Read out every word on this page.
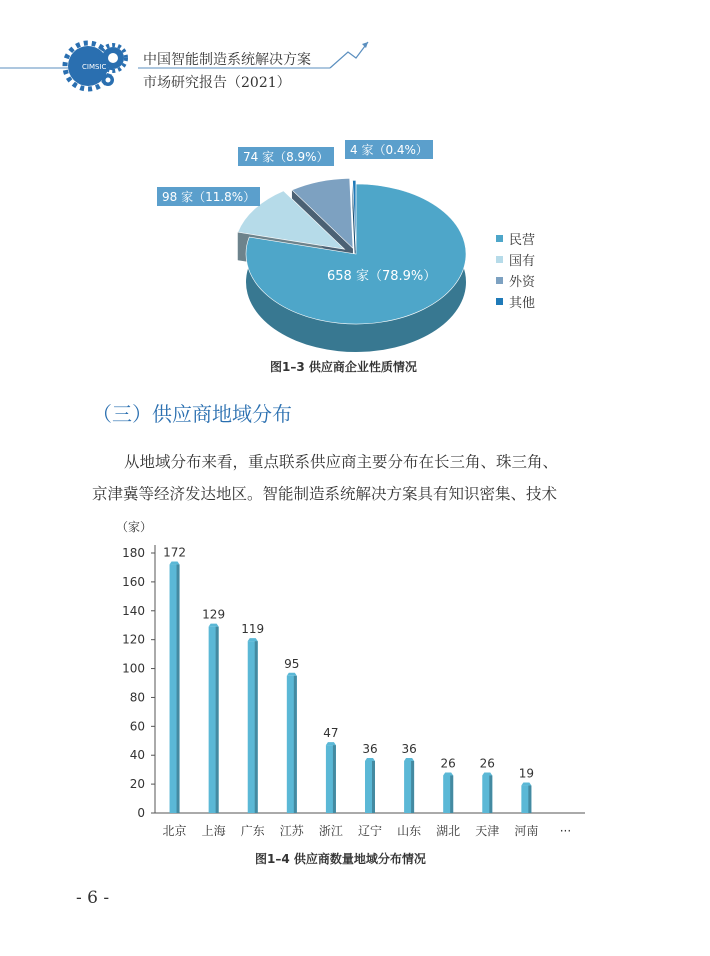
CIMSIC	中国智能制造系统解决方案
市场研究报告（2021）
658 家（78.9%）
98 家（11.8%）
74 家（8.9%）	4 家（0.4%）
民营
国有
外资
其他
图1–3 供应商企业性质情况
（三）供应商地域分布
从地域分布来看，重点联系供应商主要分布在长三角、珠三角、
京津冀等经济发达地区。智能制造系统解决方案具有知识密集、技术
（家）
0
20
40
60
80
100
120
140
160
180
北京
172
上海
129
广东
119
江苏
95
浙江
47
辽宁
36
山东
36
湖北
26
天津
26
河南
19
···
图1–4 供应商数量地域分布情况
- 6 -
